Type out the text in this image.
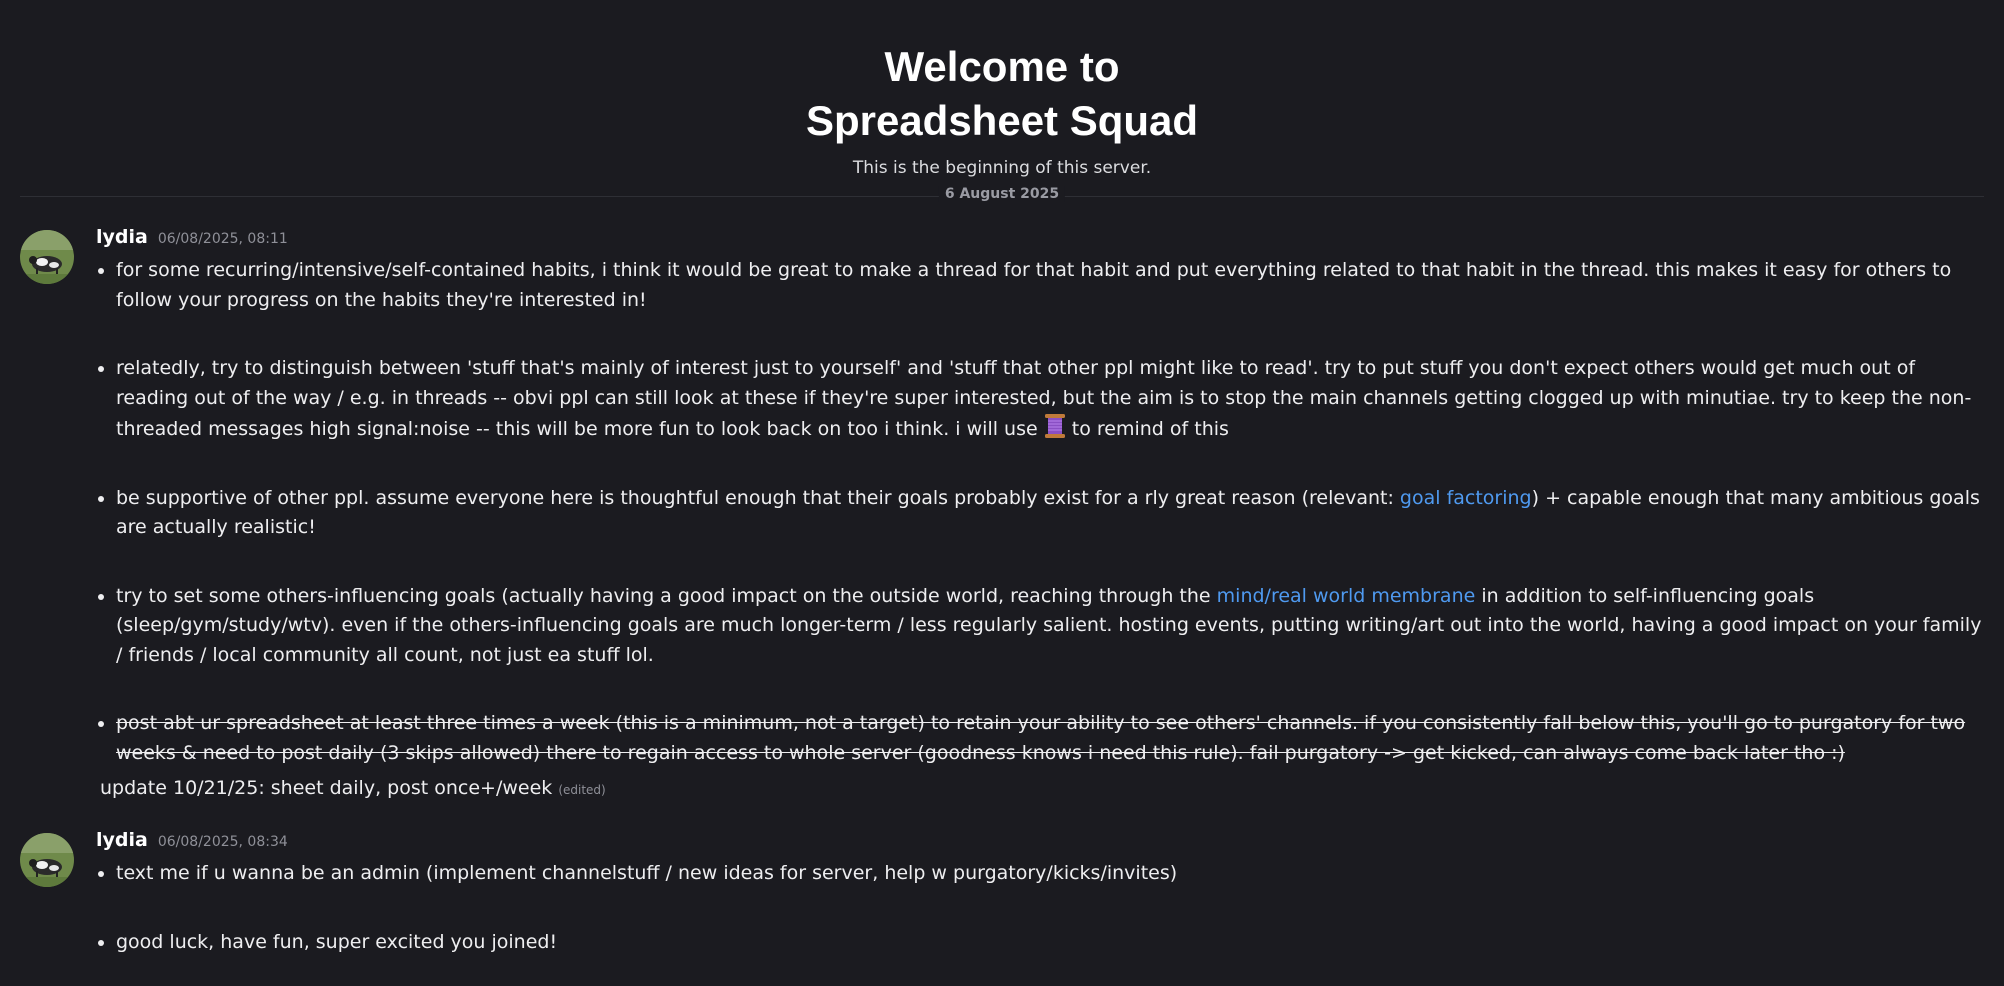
Welcome to
Spreadsheet Squad
This is the beginning of this server.
6 August 2025
lydia 06/08/2025, 08:11
• for some recurring/intensive/self-contained habits, i think it would be great to make a thread for that habit and put everything related to that habit in the thread. this makes it easy for others to follow your progress on the habits they're interested in!
• relatedly, try to distinguish between 'stuff that's mainly of interest just to yourself' and 'stuff that other ppl might like to read'. try to put stuff you don't expect others would get much out of reading out of the way / e.g. in threads -- obvi ppl can still look at these if they're super interested, but the aim is to stop the main channels getting clogged up with minutiae. try to keep the non-threaded messages high signal:noise -- this will be more fun to look back on too i think. i will use to remind of this
• be supportive of other ppl. assume everyone here is thoughtful enough that their goals probably exist for a rly great reason (relevant: goal factoring) + capable enough that many ambitious goals are actually realistic!
• try to set some others-influencing goals (actually having a good impact on the outside world, reaching through the mind/real world membrane in addition to self-influencing goals (sleep/gym/study/wtv). even if the others-influencing goals are much longer-term / less regularly salient. hosting events, putting writing/art out into the world, having a good impact on your family / friends / local community all count, not just ea stuff lol.
• post abt ur spreadsheet at least three times a week (this is a minimum, not a target) to retain your ability to see others' channels. if you consistently fall below this, you'll go to purgatory for two weeks & need to post daily (3 skips allowed) there to regain access to whole server (goodness knows i need this rule). fail purgatory -> get kicked, can always come back later tho :)
update 10/21/25: sheet daily, post once+/week (edited)
lydia 06/08/2025, 08:34
• text me if u wanna be an admin (implement channelstuff / new ideas for server, help w purgatory/kicks/invites)
• good luck, have fun, super excited you joined!
